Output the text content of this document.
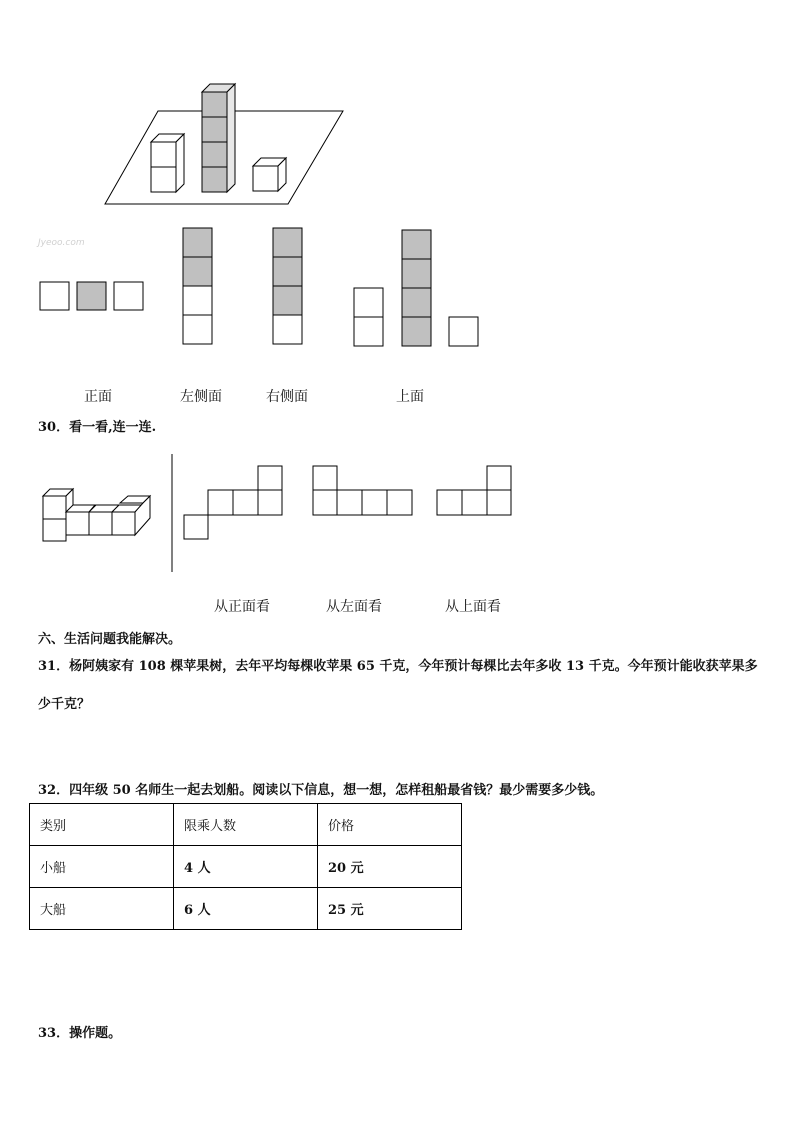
Jyeoo.com
正面	左侧面	右侧面	上面
30．看一看,连一连.
从正面看	从左面看	从上面看
六、生活问题我能解决。
31．杨阿姨家有 108 棵苹果树，去年平均每棵收苹果 65 千克，今年预计每棵比去年多收 13 千克。今年预计能收获苹果多少千克？
32．四年级 50 名师生一起去划船。阅读以下信息，想一想，怎样租船最省钱？最少需要多少钱。
类别	限乘人数	价格
小船	4 人	20 元
大船	6 人	25 元
33．操作题。
